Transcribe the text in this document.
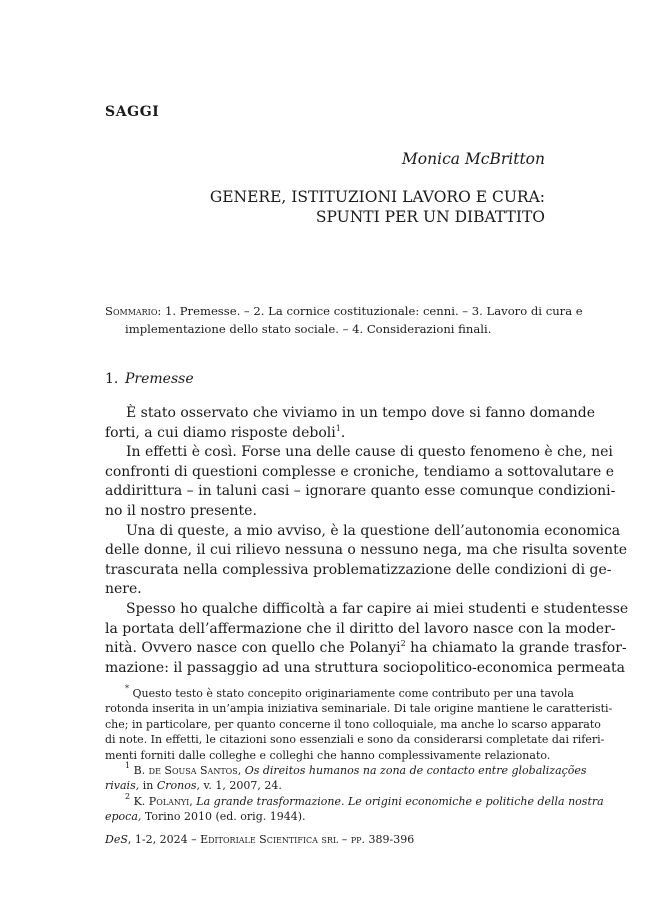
SAGGI
Monica McBritton
GENERE, ISTITUZIONI LAVORO E CURA:
SPUNTI PER UN DIBATTITO
Sommario: 1. Premesse. – 2. La cornice costituzionale: cenni. – 3. Lavoro di cura e
implementazione dello stato sociale. – 4. Considerazioni finali.
1. Premesse
È stato osservato che viviamo in un tempo dove si fanno domande
forti, a cui diamo risposte deboli$^1$.
In effetti è così. Forse una delle cause di questo fenomeno è che, nei
confronti di questioni complesse e croniche, tendiamo a sottovalutare e
addirittura – in taluni casi – ignorare quanto esse comunque condizioni-
no il nostro presente.
Una di queste, a mio avviso, è la questione dell’autonomia economica
delle donne, il cui rilievo nessuna o nessuno nega, ma che risulta sovente
trascurata nella complessiva problematizzazione delle condizioni di ge-
nere.
Spesso ho qualche difficoltà a far capire ai miei studenti e studentesse
la portata dell’affermazione che il diritto del lavoro nasce con la moder-
nità. Ovvero nasce con quello che Polanyi$^2$ ha chiamato la grande trasfor-
mazione: il passaggio ad una struttura sociopolitico-economica permeata
* Questo testo è stato concepito originariamente come contributo per una tavola
rotonda inserita in un’ampia iniziativa seminariale. Di tale origine mantiene le caratteristi-
che; in particolare, per quanto concerne il tono colloquiale, ma anche lo scarso apparato
di note. In effetti, le citazioni sono essenziali e sono da considerarsi completate dai riferi-
menti forniti dalle colleghe e colleghi che hanno complessivamente relazionato.
$^1$ B. de Sousa Santos, Os direitos humanos na zona de contacto entre globalizações
rivais, in Cronos, v. 1, 2007, 24.
$^2$ K. Polanyi, La grande trasformazione. Le origini economiche e politiche della nostra
epoca, Torino 2010 (ed. orig. 1944).
DeS, 1-2, 2024 – Editoriale Scientifica srl – pp. 389-396
